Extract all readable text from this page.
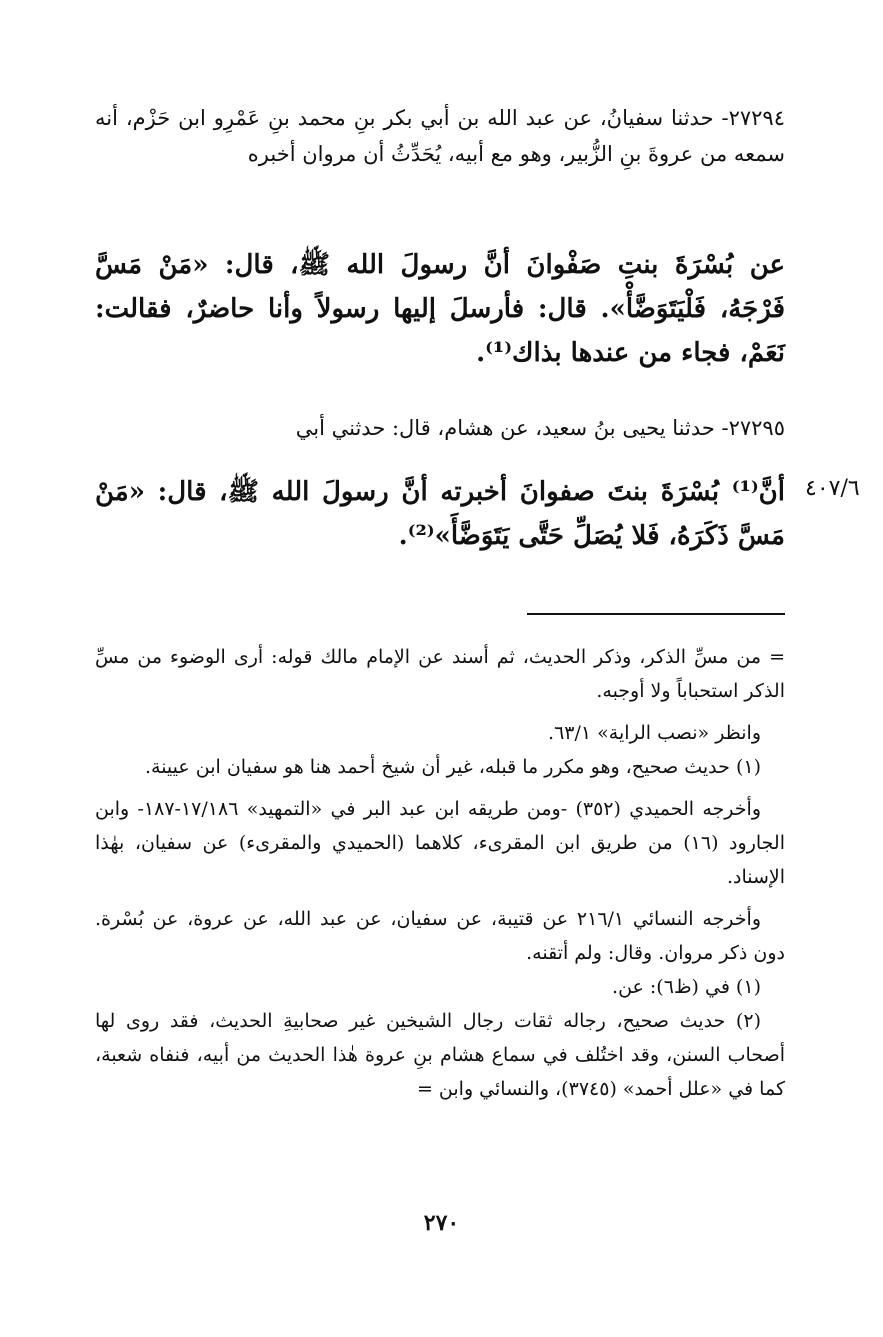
٢٧٢٩٤- حدثنا سفيانُ، عن عبد الله بن أبي بكر بنِ محمد بنِ عَمْرِو ابن حَزْم، أنه سمعه من عروةَ بنِ الزُّبير، وهو مع أبيه، يُحَدِّثُ أن مروان أخبره

عن بُسْرَةَ بنتِ صَفْوانَ أنَّ رسولَ الله ﷺ، قال: «مَنْ مَسَّ فَرْجَهُ، فَلْيَتَوَضَّأْ». قال: فأرسلَ إليها رسولاً وأنا حاضرٌ، فقالت: نَعَمْ، فجاء من عندها بذاك⁽¹⁾.

٢٧٢٩٥- حدثنا يحيى بنُ سعيد، عن هشام، قال: حدثني أبي

أنَّ⁽¹⁾ بُسْرَةَ بنتَ صفوانَ أخبرته أنَّ رسولَ الله ﷺ، قال: «مَنْ مَسَّ ذَكَرَهُ، فَلا يُصَلِّ حَتَّى يَتَوَضَّأَ»⁽²⁾.

٤٠٧/٦

= من مسِّ الذكر، وذكر الحديث، ثم أسند عن الإمام مالك قوله: أرى الوضوء من مسِّ الذكر استحباباً ولا أوجبه.

وانظر «نصب الراية» ٦٣/١.

(١) حديث صحيح، وهو مكرر ما قبله، غير أن شيخ أحمد هنا هو سفيان ابن عيينة.

وأخرجه الحميدي (٣٥٢) -ومن طريقه ابن عبد البر في «التمهيد» ١٧/١٨٦-١٨٧- وابن الجارود (١٦) من طريق ابن المقرىء، كلاهما (الحميدي والمقرىء) عن سفيان، بهٰذا الإسناد.

وأخرجه النسائي ٢١٦/١ عن قتيبة، عن سفيان، عن عبد الله، عن عروة، عن بُسْرة. دون ذكر مروان. وقال: ولم أتقنه.

(١) في (ظ٦): عن.

(٢) حديث صحيح، رجاله ثقات رجال الشيخين غير صحابيةِ الحديث، فقد روى لها أصحاب السنن، وقد اختُلف في سماع هشام بنِ عروة هٰذا الحديث من أبيه، فنفاه شعبة، كما في «علل أحمد» (٣٧٤٥)، والنسائي وابن =

٢٧٠
